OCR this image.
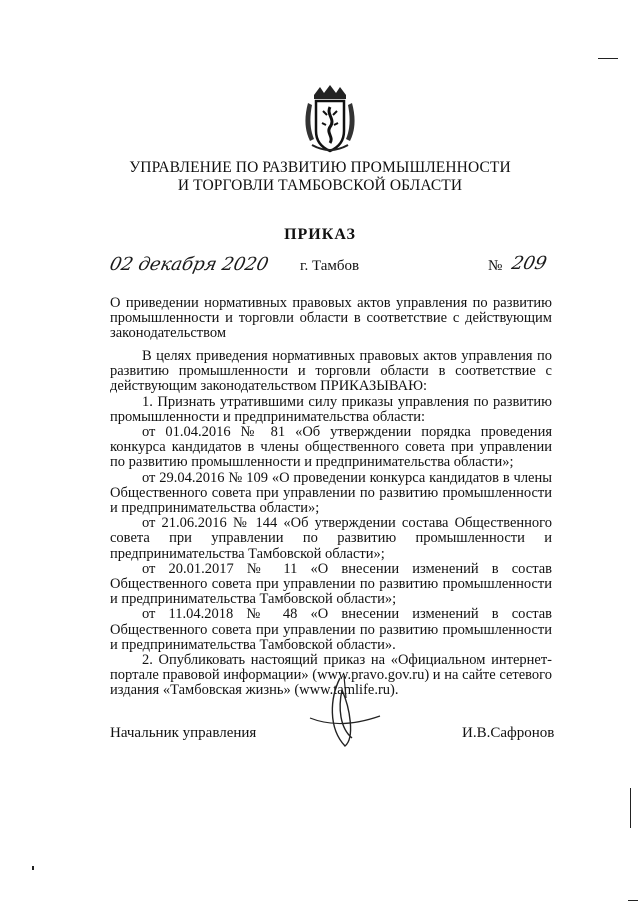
УПРАВЛЕНИЕ ПО РАЗВИТИЮ ПРОМЫШЛЕННОСТИ
И ТОРГОВЛИ ТАМБОВСКОЙ ОБЛАСТИ
ПРИКАЗ
02 декабря 2020 г. Тамбов	№ 209
О приведении нормативных правовых актов управления по развитию промышленности и торговли области в соответствие с действующим законодательством

В целях приведения нормативных правовых актов управления по развитию промышленности и торговли области в соответствие с действующим законодательством ПРИКАЗЫВАЮ:

1. Признать утратившими силу приказы управления по развитию промышленности и предпринимательства области:

от 01.04.2016 № 81 «Об утверждении порядка проведения конкурса кандидатов в члены общественного совета при управлении по развитию промышленности и предпринимательства области»;

от 29.04.2016 № 109 «О проведении конкурса кандидатов в члены Общественного совета при управлении по развитию промышленности и предпринимательства области»;

от 21.06.2016 № 144 «Об утверждении состава Общественного совета при управлении по развитию промышленности и предпринимательства Тамбовской области»;

от 20.01.2017 № 11 «О внесении изменений в состав Общественного совета при управлении по развитию промышленности и предпринимательства Тамбовской области»;

от 11.04.2018 № 48 «О внесении изменений в состав Общественного совета при управлении по развитию промышленности и предпринимательства Тамбовской области».

2. Опубликовать настоящий приказ на «Официальном интернет-портале правовой информации» (www.pravo.gov.ru) и на сайте сетевого издания «Тамбовская жизнь» (www.tamlife.ru).

Начальник управления	И.В.Сафронов
